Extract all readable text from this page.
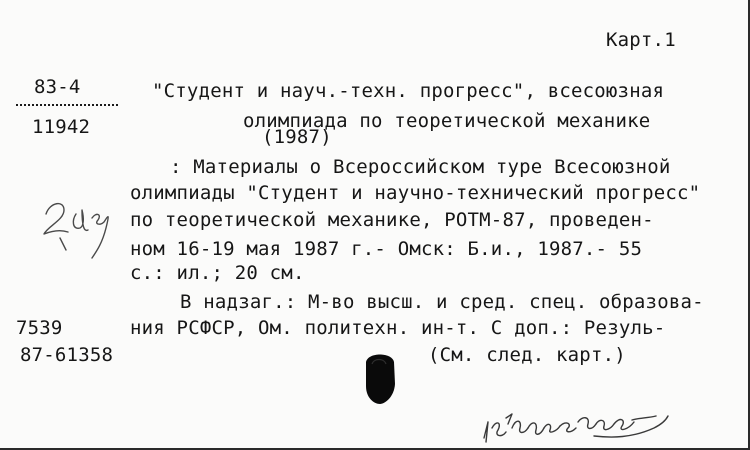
Карт.1
83-4
11942
"Студент и науч.-техн. прогресс", всесоюзная
олимпиада по теоретической механике
(1987)
: Материалы о Всероссийском туре Всесоюзной
олимпиады "Студент и научно-технический прогресс"
по теоретической механике, РОТМ-87, проведен-
ном 16-19 мая 1987 г.- Омск: Б.и., 1987.- 55
с.: ил.; 20 см.
В надзаг.: М-во высш. и сред. спец. образова-
ния РСФСР, Ом. политехн. ин-т. С доп.: Резуль-
(См. след. карт.)
7539
87-61358
